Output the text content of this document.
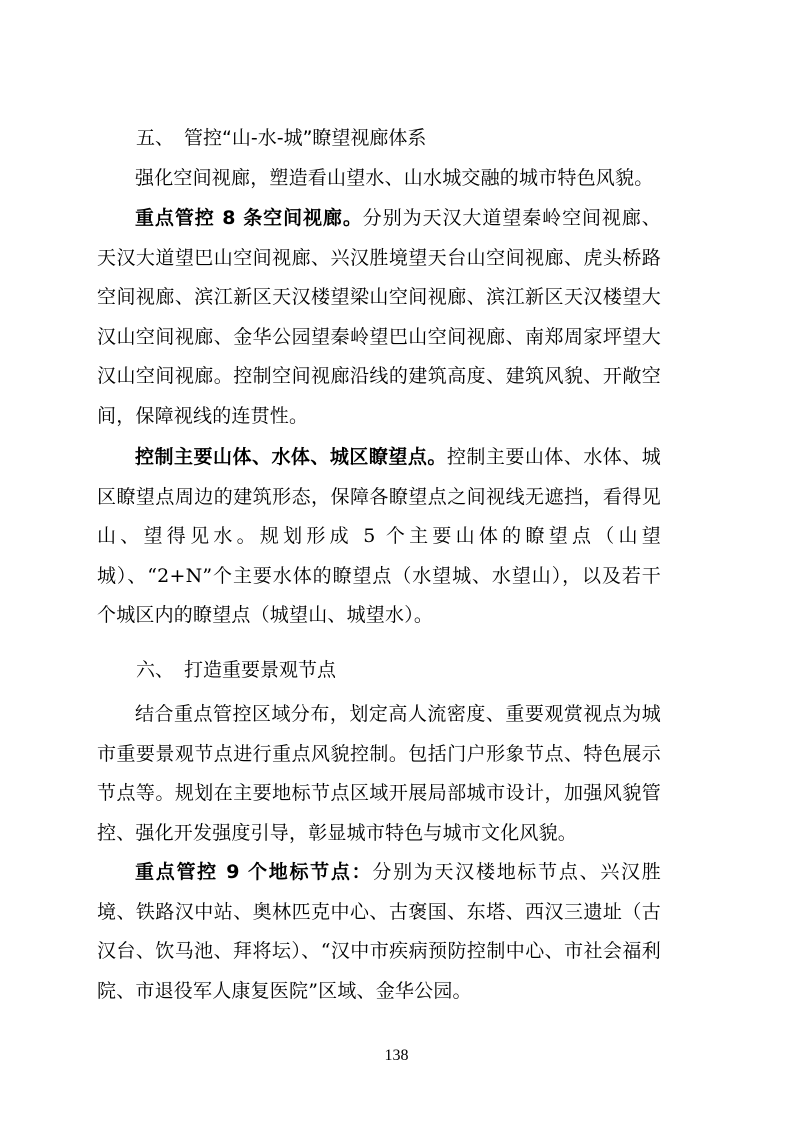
五、 管控“山-水-城”瞭望视廊体系

强化空间视廊，塑造看山望水、山水城交融的城市特色风貌。

重点管控 8 条空间视廊。分别为天汉大道望秦岭空间视廊、天汉大道望巴山空间视廊、兴汉胜境望天台山空间视廊、虎头桥路空间视廊、滨江新区天汉楼望梁山空间视廊、滨江新区天汉楼望大汉山空间视廊、金华公园望秦岭望巴山空间视廊、南郑周家坪望大汉山空间视廊。控制空间视廊沿线的建筑高度、建筑风貌、开敞空间，保障视线的连贯性。

控制主要山体、水体、城区瞭望点。控制主要山体、水体、城区瞭望点周边的建筑形态，保障各瞭望点之间视线无遮挡，看得见山、望得见水。规划形成 5 个主要山体的瞭望点（山望城）、“2+N”个主要水体的瞭望点（水望城、水望山），以及若干个城区内的瞭望点（城望山、城望水）。

六、 打造重要景观节点

结合重点管控区域分布，划定高人流密度、重要观赏视点为城市重要景观节点进行重点风貌控制。包括门户形象节点、特色展示节点等。规划在主要地标节点区域开展局部城市设计，加强风貌管控、强化开发强度引导，彰显城市特色与城市文化风貌。

重点管控 9 个地标节点：分别为天汉楼地标节点、兴汉胜境、铁路汉中站、奥林匹克中心、古褒国、东塔、西汉三遗址（古汉台、饮马池、拜将坛）、“汉中市疾病预防控制中心、市社会福利院、市退役军人康复医院”区域、金华公园。

138
